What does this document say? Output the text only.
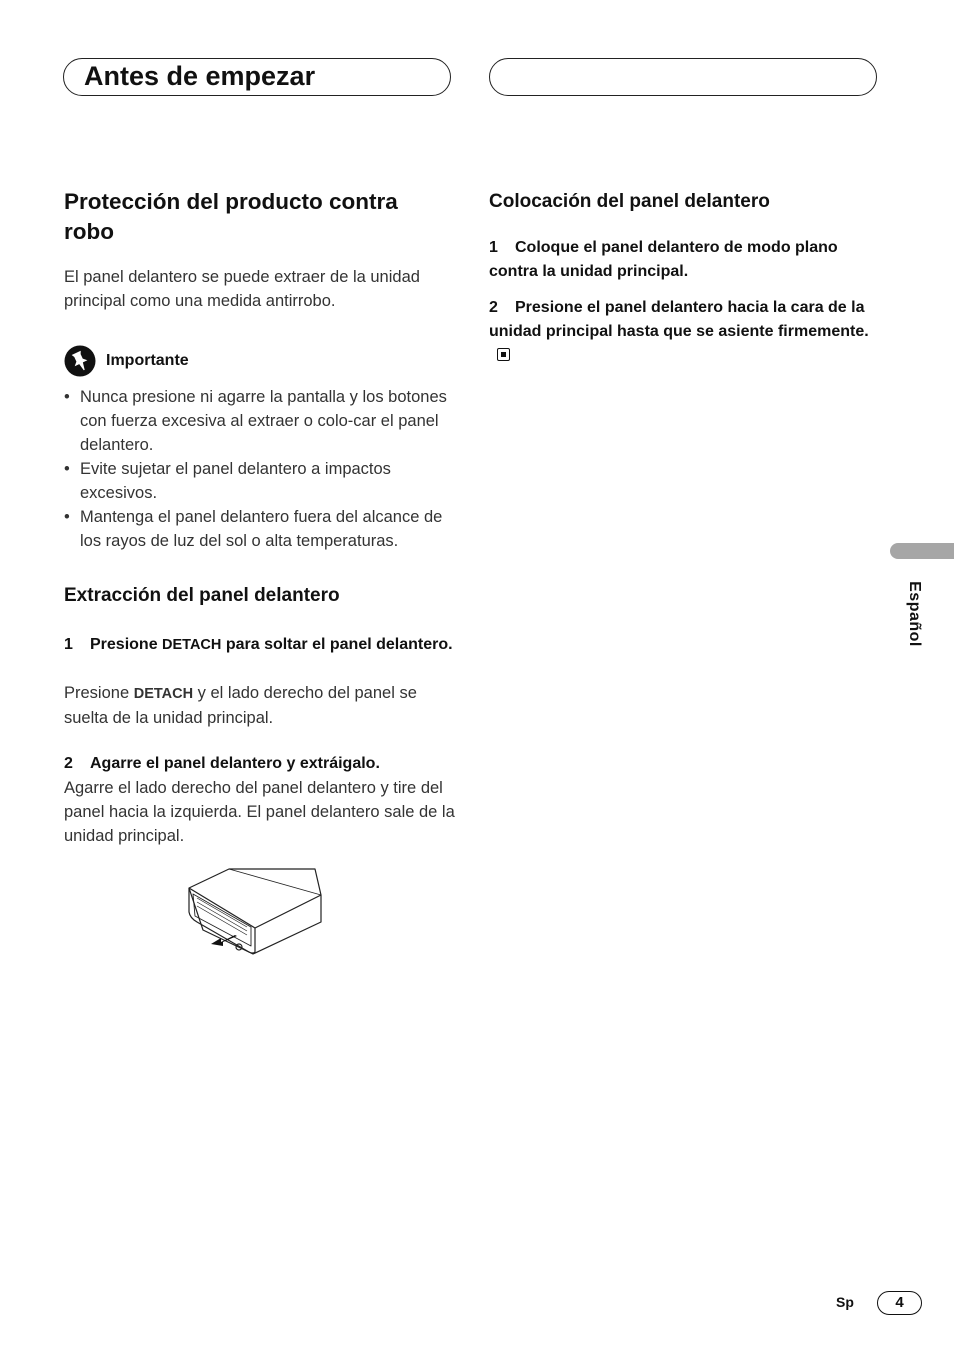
Antes de empezar
Protección del producto contra robo

El panel delantero se puede extraer de la unidad principal como una medida antirrobo.

Importante
• Nunca presione ni agarre la pantalla y los botones con fuerza excesiva al extraer o colo-car el panel delantero.
• Evite sujetar el panel delantero a impactos excesivos.
• Mantenga el panel delantero fuera del alcance de los rayos de luz del sol o alta temperaturas.
Extracción del panel delantero

1 Presione DETACH para soltar el panel delantero.

Presione DETACH y el lado derecho del panel se suelta de la unidad principal.

2 Agarre el panel delantero y extráigalo.

Agarre el lado derecho del panel delantero y tire del panel hacia la izquierda. El panel delantero sale de la unidad principal.

Colocación del panel delantero

1 Coloque el panel delantero de modo plano contra la unidad principal.

2 Presione el panel delantero hacia la cara de la unidad principal hasta que se asiente firmemente.

Español
Sp	4
